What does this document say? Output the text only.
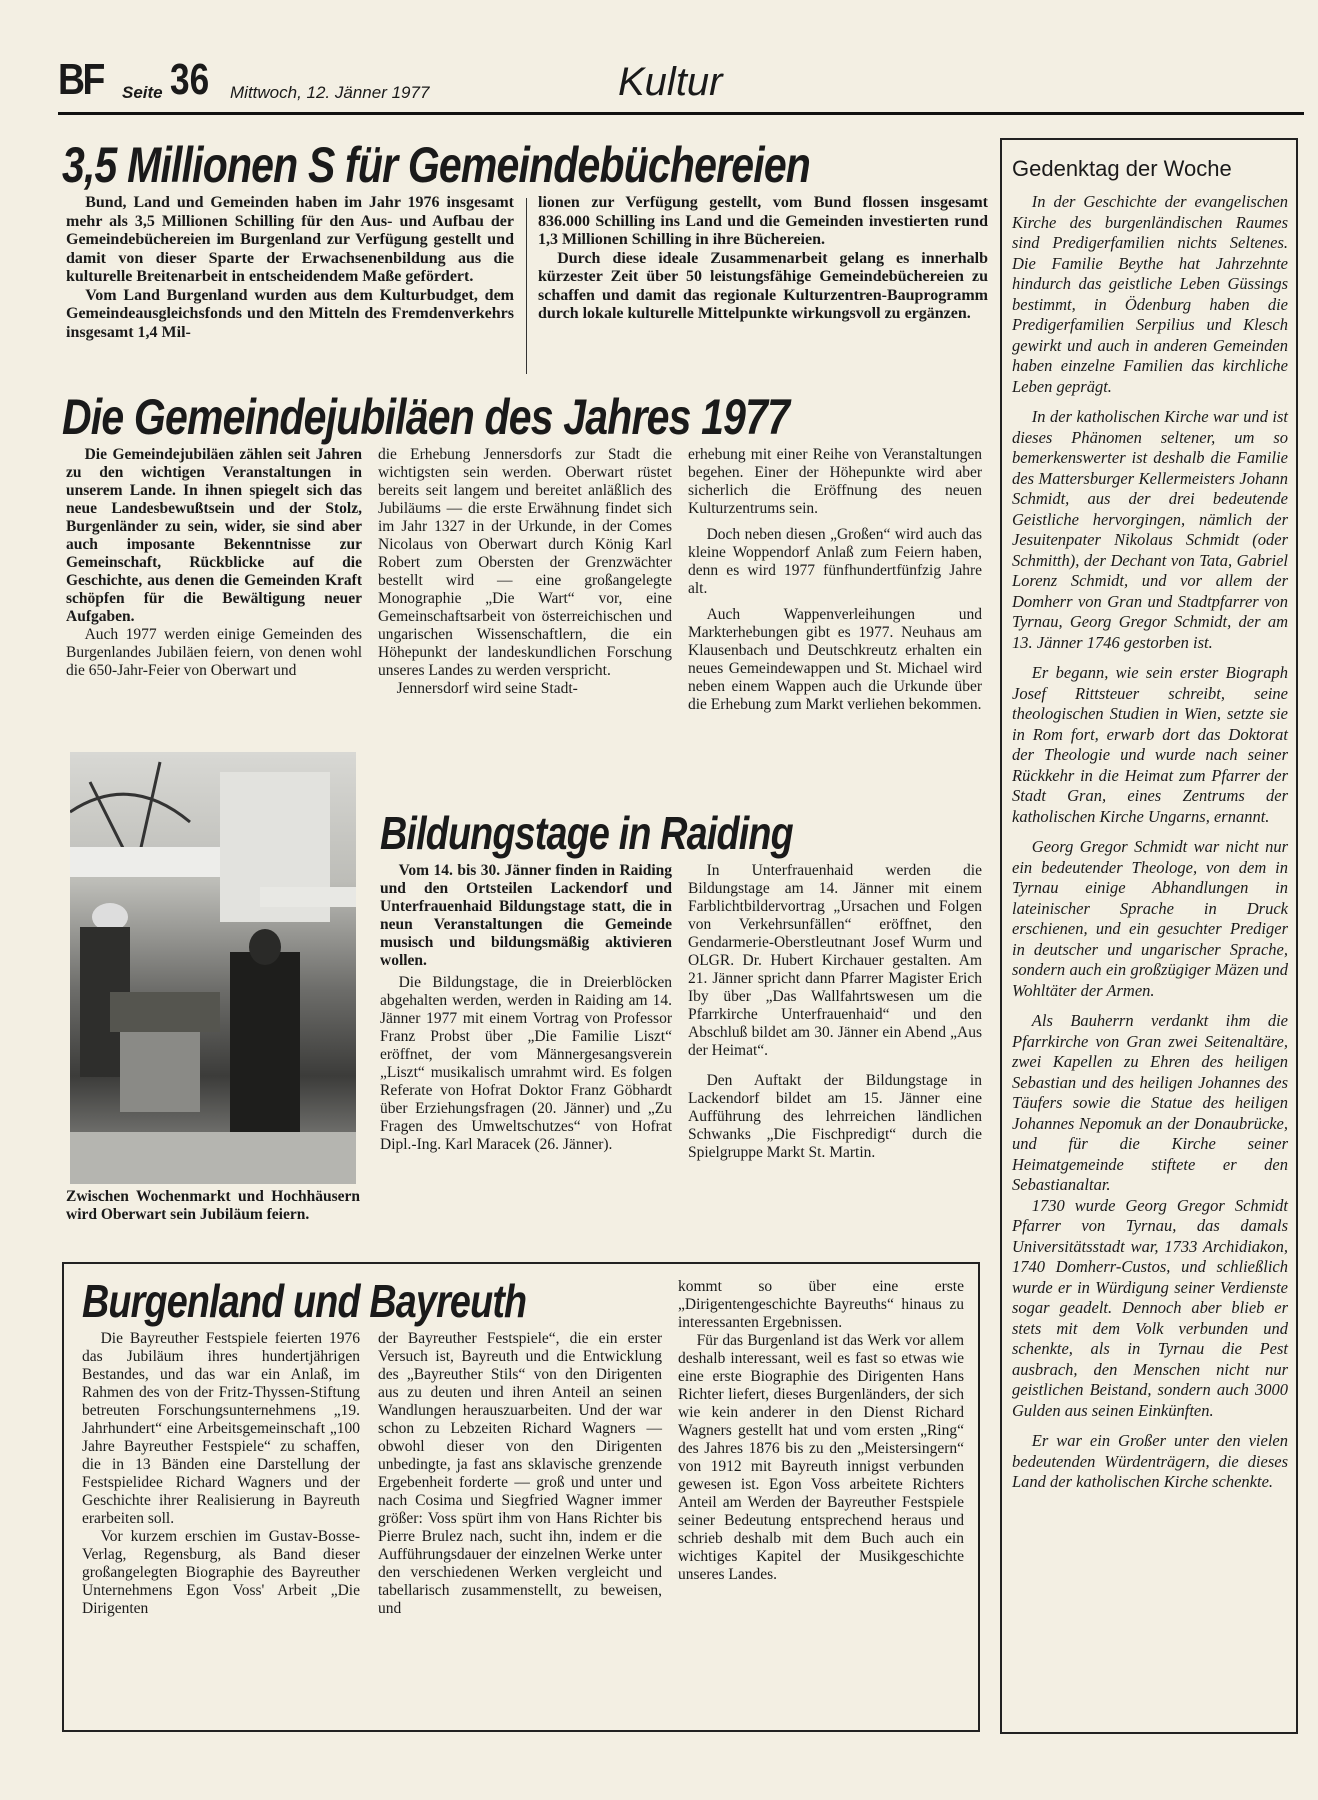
BF Seite 36 Mittwoch, 12. Jänner 1977	Kultur
3,5 Millionen S für Gemeindebüchereien

Bund, Land und Gemeinden haben im Jahr 1976 insgesamt mehr als 3,5 Millionen Schilling für den Aus- und Aufbau der Gemeindebüchereien im Burgenland zur Verfügung gestellt und damit von dieser Sparte der Erwachsenenbildung aus die kulturelle Breitenarbeit in entscheidendem Maße gefördert.

Vom Land Burgenland wurden aus dem Kulturbudget, dem Gemeindeausgleichsfonds und den Mitteln des Fremdenverkehrs insgesamt 1,4 Mil-

lionen zur Verfügung gestellt, vom Bund flossen insgesamt 836.000 Schilling ins Land und die Gemeinden investierten rund 1,3 Millionen Schilling in ihre Büchereien.

Durch diese ideale Zusammenarbeit gelang es innerhalb kürzester Zeit über 50 leistungsfähige Gemeindebüchereien zu schaffen und damit das regionale Kulturzentren-Bauprogramm durch lokale kulturelle Mittelpunkte wirkungsvoll zu ergänzen.

Die Gemeindejubiläen des Jahres 1977

Die Gemeindejubiläen zählen seit Jahren zu den wichtigen Veranstaltungen in unserem Lande. In ihnen spiegelt sich das neue Landesbewußtsein und der Stolz, Burgenländer zu sein, wider, sie sind aber auch imposante Bekenntnisse zur Gemeinschaft, Rückblicke auf die Geschichte, aus denen die Gemeinden Kraft schöpfen für die Bewältigung neuer Aufgaben.

Auch 1977 werden einige Gemeinden des Burgenlandes Jubiläen feiern, von denen wohl die 650-Jahr-Feier von Oberwart und

Zwischen Wochenmarkt und Hochhäusern wird Oberwart sein Jubiläum feiern.

die Erhebung Jennersdorfs zur Stadt die wichtigsten sein werden. Oberwart rüstet bereits seit langem und bereitet anläßlich des Jubiläums — die erste Erwähnung findet sich im Jahr 1327 in der Urkunde, in der Comes Nicolaus von Oberwart durch König Karl Robert zum Obersten der Grenzwächter bestellt wird — eine großangelegte Monographie „Die Wart“ vor, eine Gemeinschaftsarbeit von österreichischen und ungarischen Wissenschaftlern, die ein Höhepunkt der landeskundlichen Forschung unseres Landes zu werden verspricht.

Jennersdorf wird seine Stadt-

erhebung mit einer Reihe von Veranstaltungen begehen. Einer der Höhepunkte wird aber sicherlich die Eröffnung des neuen Kulturzentrums sein.

Doch neben diesen „Großen“ wird auch das kleine Woppendorf Anlaß zum Feiern haben, denn es wird 1977 fünfhundertfünfzig Jahre alt.

Auch Wappenverleihungen und Markterhebungen gibt es 1977. Neuhaus am Klausenbach und Deutschkreutz erhalten ein neues Gemeindewappen und St. Michael wird neben einem Wappen auch die Urkunde über die Erhebung zum Markt verliehen bekommen.

Bildungstage in Raiding

Vom 14. bis 30. Jänner finden in Raiding und den Ortsteilen Lackendorf und Unterfrauenhaid Bildungstage statt, die in neun Veranstaltungen die Gemeinde musisch und bildungsmäßig aktivieren wollen.

Die Bildungstage, die in Dreierblöcken abgehalten werden, werden in Raiding am 14. Jänner 1977 mit einem Vortrag von Professor Franz Probst über „Die Familie Liszt“ eröffnet, der vom Männergesangsverein „Liszt“ musikalisch umrahmt wird. Es folgen Referate von Hofrat Doktor Franz Göbhardt über Erziehungsfragen (20. Jänner) und „Zu Fragen des Umweltschutzes“ von Hofrat Dipl.-Ing. Karl Maracek (26. Jänner).

In Unterfrauenhaid werden die Bildungstage am 14. Jänner mit einem Farblichtbildervortrag „Ursachen und Folgen von Verkehrsunfällen“ eröffnet, den Gendarmerie-Oberstleutnant Josef Wurm und OLGR. Dr. Hubert Kirchauer gestalten. Am 21. Jänner spricht dann Pfarrer Magister Erich Iby über „Das Wallfahrtswesen um die Pfarrkirche Unterfrauenhaid“ und den Abschluß bildet am 30. Jänner ein Abend „Aus der Heimat“.

Den Auftakt der Bildungstage in Lackendorf bildet am 15. Jänner eine Aufführung des lehrreichen ländlichen Schwanks „Die Fischpredigt“ durch die Spielgruppe Markt St. Martin.

Burgenland und Bayreuth

Die Bayreuther Festspiele feierten 1976 das Jubiläum ihres hundertjährigen Bestandes, und das war ein Anlaß, im Rahmen des von der Fritz-Thyssen-Stiftung betreuten Forschungsunternehmens „19. Jahrhundert“ eine Arbeitsgemeinschaft „100 Jahre Bayreuther Festspiele“ zu schaffen, die in 13 Bänden eine Darstellung der Festspielidee Richard Wagners und der Geschichte ihrer Realisierung in Bayreuth erarbeiten soll.

Vor kurzem erschien im Gustav-Bosse-Verlag, Regensburg, als Band dieser großangelegten Biographie des Bayreuther Unternehmens Egon Voss' Arbeit „Die Dirigenten

der Bayreuther Festspiele“, die ein erster Versuch ist, Bayreuth und die Entwicklung des „Bayreuther Stils“ von den Dirigenten aus zu deuten und ihren Anteil an seinen Wandlungen herauszuarbeiten. Und der war schon zu Lebzeiten Richard Wagners — obwohl dieser von den Dirigenten unbedingte, ja fast ans sklavische grenzende Ergebenheit forderte — groß und unter und nach Cosima und Siegfried Wagner immer größer: Voss spürt ihm von Hans Richter bis Pierre Brulez nach, sucht ihn, indem er die Aufführungsdauer der einzelnen Werke unter den verschiedenen Werken vergleicht und tabellarisch zusammenstellt, zu beweisen, und

kommt so über eine erste „Dirigentengeschichte Bayreuths“ hinaus zu interessanten Ergebnissen.

Für das Burgenland ist das Werk vor allem deshalb interessant, weil es fast so etwas wie eine erste Biographie des Dirigenten Hans Richter liefert, dieses Burgenländers, der sich wie kein anderer in den Dienst Richard Wagners gestellt hat und vom ersten „Ring“ des Jahres 1876 bis zu den „Meistersingern“ von 1912 mit Bayreuth innigst verbunden gewesen ist. Egon Voss arbeitete Richters Anteil am Werden der Bayreuther Festspiele seiner Bedeutung entsprechend heraus und schrieb deshalb mit dem Buch auch ein wichtiges Kapitel der Musikgeschichte unseres Landes.

Gedenktag der Woche

In der Geschichte der evangelischen Kirche des burgenländischen Raumes sind Predigerfamilien nichts Seltenes. Die Familie Beythe hat Jahrzehnte hindurch das geistliche Leben Güssings bestimmt, in Ödenburg haben die Predigerfamilien Serpilius und Klesch gewirkt und auch in anderen Gemeinden haben einzelne Familien das kirchliche Leben geprägt.

In der katholischen Kirche war und ist dieses Phänomen seltener, um so bemerkenswerter ist deshalb die Familie des Mattersburger Kellermeisters Johann Schmidt, aus der drei bedeutende Geistliche hervorgingen, nämlich der Jesuitenpater Nikolaus Schmidt (oder Schmitth), der Dechant von Tata, Gabriel Lorenz Schmidt, und vor allem der Domherr von Gran und Stadtpfarrer von Tyrnau, Georg Gregor Schmidt, der am 13. Jänner 1746 gestorben ist.

Er begann, wie sein erster Biograph Josef Rittsteuer schreibt, seine theologischen Studien in Wien, setzte sie in Rom fort, erwarb dort das Doktorat der Theologie und wurde nach seiner Rückkehr in die Heimat zum Pfarrer der Stadt Gran, eines Zentrums der katholischen Kirche Ungarns, ernannt.

Georg Gregor Schmidt war nicht nur ein bedeutender Theologe, von dem in Tyrnau einige Abhandlungen in lateinischer Sprache in Druck erschienen, und ein gesuchter Prediger in deutscher und ungarischer Sprache, sondern auch ein großzügiger Mäzen und Wohltäter der Armen.

Als Bauherrn verdankt ihm die Pfarrkirche von Gran zwei Seitenaltäre, zwei Kapellen zu Ehren des heiligen Sebastian und des heiligen Johannes des Täufers sowie die Statue des heiligen Johannes Nepomuk an der Donaubrücke, und für die Kirche seiner Heimatgemeinde stiftete er den Sebastianaltar.

1730 wurde Georg Gregor Schmidt Pfarrer von Tyrnau, das damals Universitätsstadt war, 1733 Archidiakon, 1740 Domherr-Custos, und schließlich wurde er in Würdigung seiner Verdienste sogar geadelt. Dennoch aber blieb er stets mit dem Volk verbunden und schenkte, als in Tyrnau die Pest ausbrach, den Menschen nicht nur geistlichen Beistand, sondern auch 3000 Gulden aus seinen Einkünften.

Er war ein Großer unter den vielen bedeutenden Würdenträgern, die dieses Land der katholischen Kirche schenkte.
